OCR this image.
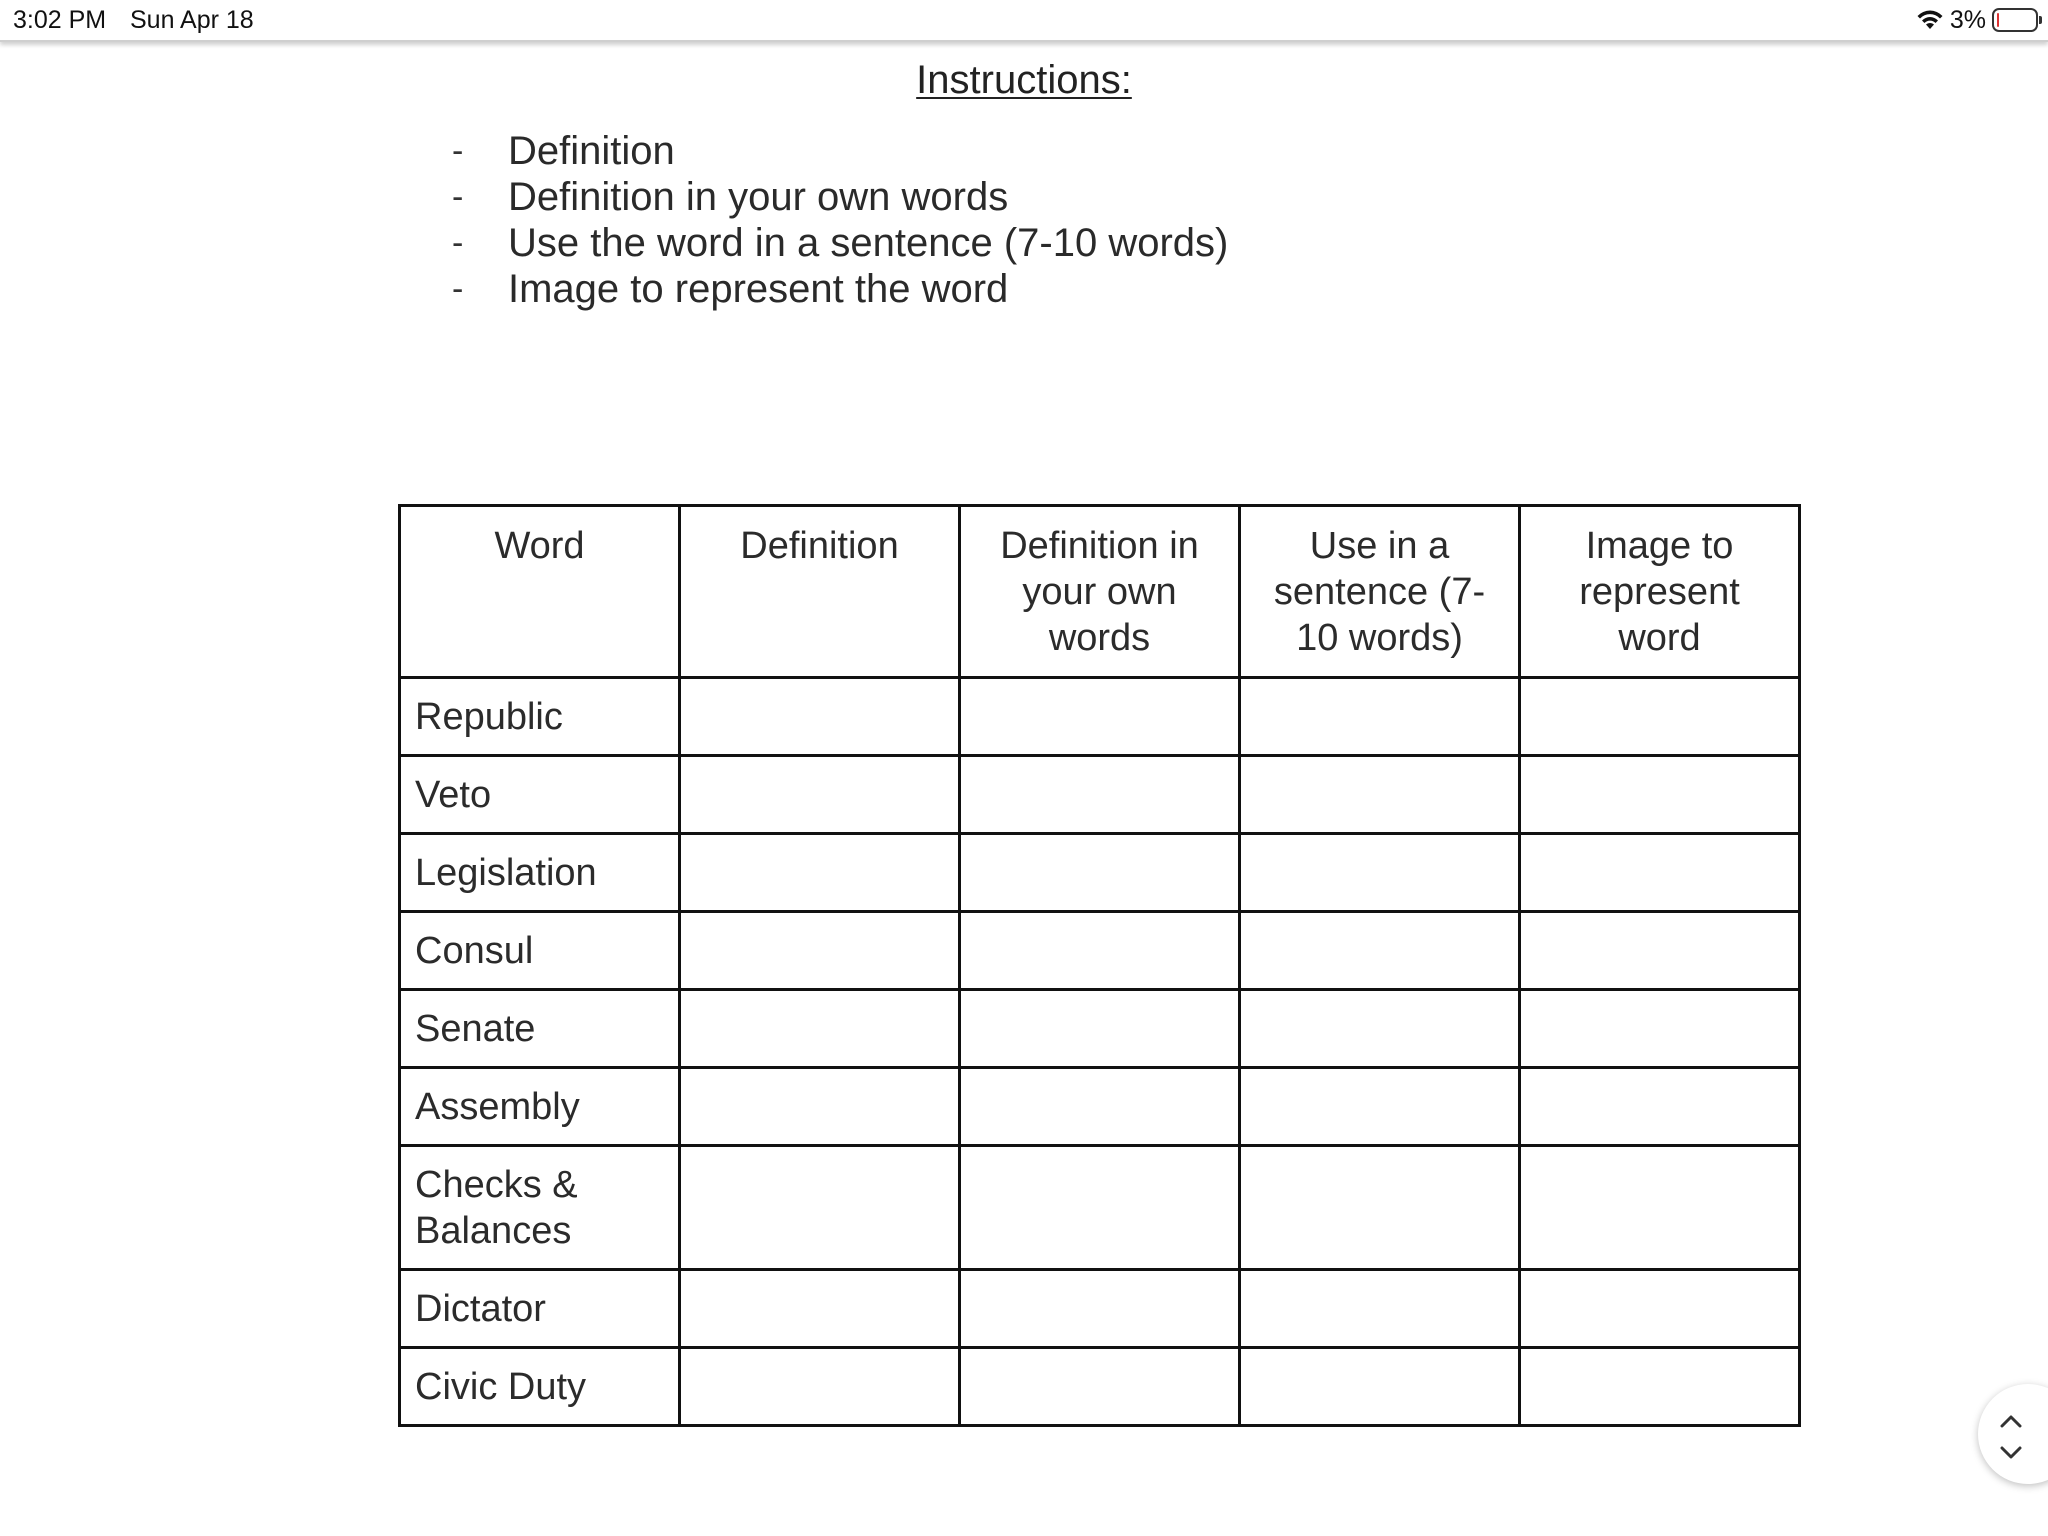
3:02 PM Sun Apr 18	3%
Instructions:
-	Definition
-	Definition in your own words
-	Use the word in a sentence (7-10 words)
-	Image to represent the word
Word	Definition	Definition in your own words	Use in a sentence (7-10 words)	Image to represent word
Republic				
Veto				
Legislation				
Consul				
Senate				
Assembly				
Checks & Balances				
Dictator				
Civic Duty				
